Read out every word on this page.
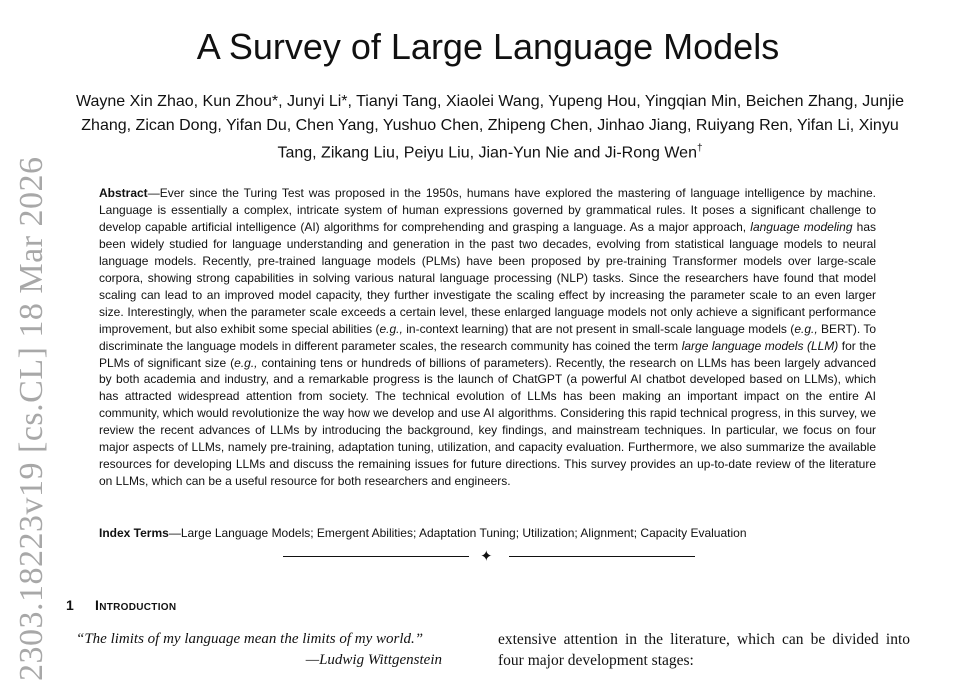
2303.18223v19 [cs.CL] 18 Mar 2026
A Survey of Large Language Models
Wayne Xin Zhao, Kun Zhou*, Junyi Li*, Tianyi Tang, Xiaolei Wang, Yupeng Hou, Yingqian Min, Beichen Zhang, Junjie Zhang, Zican Dong, Yifan Du, Chen Yang, Yushuo Chen, Zhipeng Chen, Jinhao Jiang, Ruiyang Ren, Yifan Li, Xinyu Tang, Zikang Liu, Peiyu Liu, Jian-Yun Nie and Ji-Rong Wen†
Abstract—Ever since the Turing Test was proposed in the 1950s, humans have explored the mastering of language intelligence by machine. Language is essentially a complex, intricate system of human expressions governed by grammatical rules. It poses a significant challenge to develop capable artificial intelligence (AI) algorithms for comprehending and grasping a language. As a major approach, language modeling has been widely studied for language understanding and generation in the past two decades, evolving from statistical language models to neural language models. Recently, pre-trained language models (PLMs) have been proposed by pre-training Transformer models over large-scale corpora, showing strong capabilities in solving various natural language processing (NLP) tasks. Since the researchers have found that model scaling can lead to an improved model capacity, they further investigate the scaling effect by increasing the parameter scale to an even larger size. Interestingly, when the parameter scale exceeds a certain level, these enlarged language models not only achieve a significant performance improvement, but also exhibit some special abilities (e.g., in-context learning) that are not present in small-scale language models (e.g., BERT). To discriminate the language models in different parameter scales, the research community has coined the term large language models (LLM) for the PLMs of significant size (e.g., containing tens or hundreds of billions of parameters). Recently, the research on LLMs has been largely advanced by both academia and industry, and a remarkable progress is the launch of ChatGPT (a powerful AI chatbot developed based on LLMs), which has attracted widespread attention from society. The technical evolution of LLMs has been making an important impact on the entire AI community, which would revolutionize the way how we develop and use AI algorithms. Considering this rapid technical progress, in this survey, we review the recent advances of LLMs by introducing the background, key findings, and mainstream techniques. In particular, we focus on four major aspects of LLMs, namely pre-training, adaptation tuning, utilization, and capacity evaluation. Furthermore, we also summarize the available resources for developing LLMs and discuss the remaining issues for future directions. This survey provides an up-to-date review of the literature on LLMs, which can be a useful resource for both researchers and engineers.
Index Terms—Large Language Models; Emergent Abilities; Adaptation Tuning; Utilization; Alignment; Capacity Evaluation
✦
1 Introduction
“The limits of my language mean the limits of my world.”
—Ludwig Wittgenstein
extensive attention in the literature, which can be divided into four major development stages:
